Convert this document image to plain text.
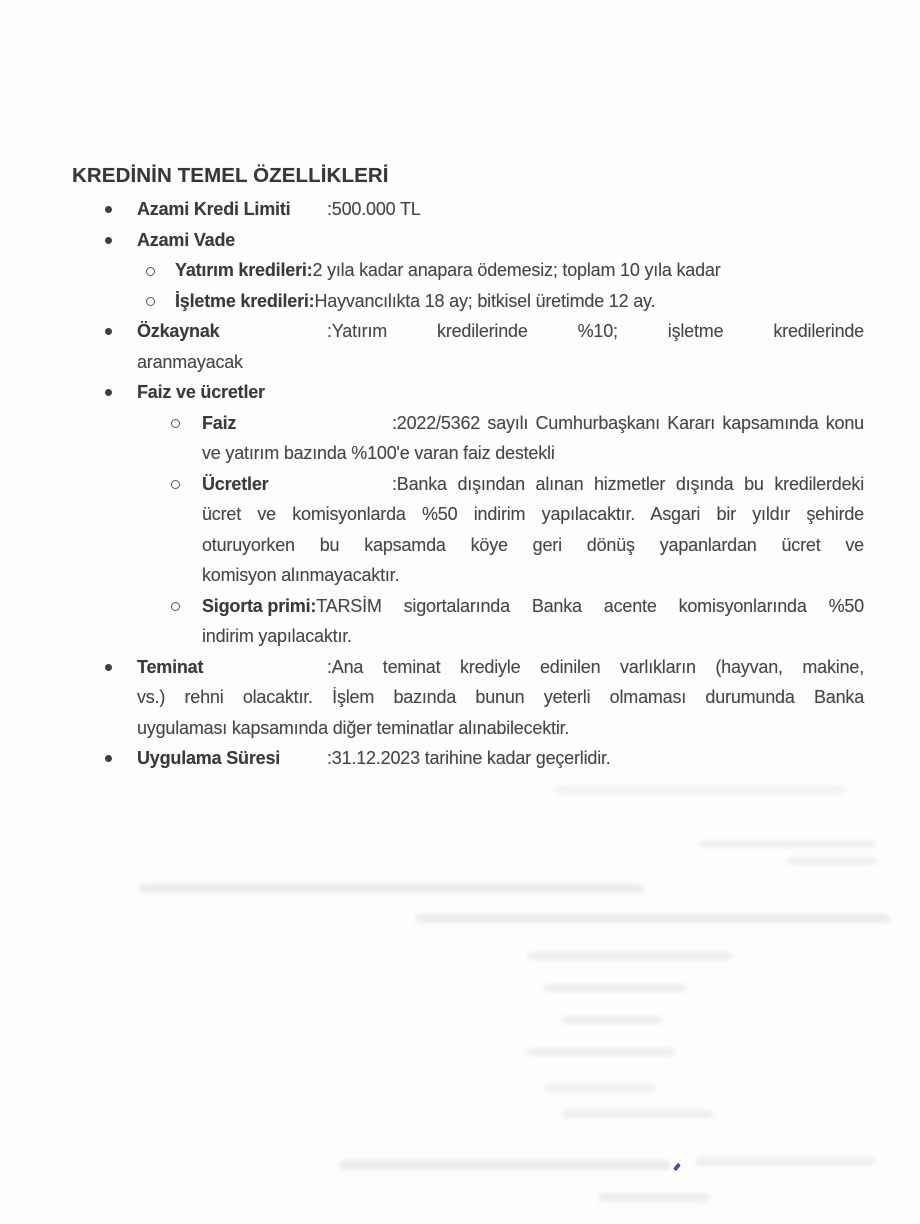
KREDİNİN TEMEL ÖZELLİKLERİ
Azami Kredi Limiti	:500.000 TL
Azami Vade
Yatırım kredileri: 2 yıla kadar anapara ödemesiz; toplam 10 yıla kadar
İşletme kredileri: Hayvancılıkta 18 ay; bitkisel üretimde 12 ay.
Özkaynak	:Yatırım kredilerinde %10; işletme kredilerinde
aranmayacak
Faiz ve ücretler
Faiz	:2022/5362 sayılı Cumhurbaşkanı Kararı kapsamında konu
ve yatırım bazında %100'e varan faiz destekli
Ücretler	:Banka dışından alınan hizmetler dışında bu kredilerdeki
ücret ve komisyonlarda %50 indirim yapılacaktır. Asgari bir yıldır şehirde
oturuyorken bu kapsamda köye geri dönüş yapanlardan ücret ve
komisyon alınmayacaktır.
Sigorta primi: TARSİM sigortalarında Banka acente komisyonlarında %50
indirim yapılacaktır.
Teminat	:Ana teminat krediyle edinilen varlıkların (hayvan, makine,
vs.) rehni olacaktır. İşlem bazında bunun yeterli olmaması durumunda Banka
uygulaması kapsamında diğer teminatlar alınabilecektir.
Uygulama Süresi	:31.12.2023 tarihine kadar geçerlidir.
